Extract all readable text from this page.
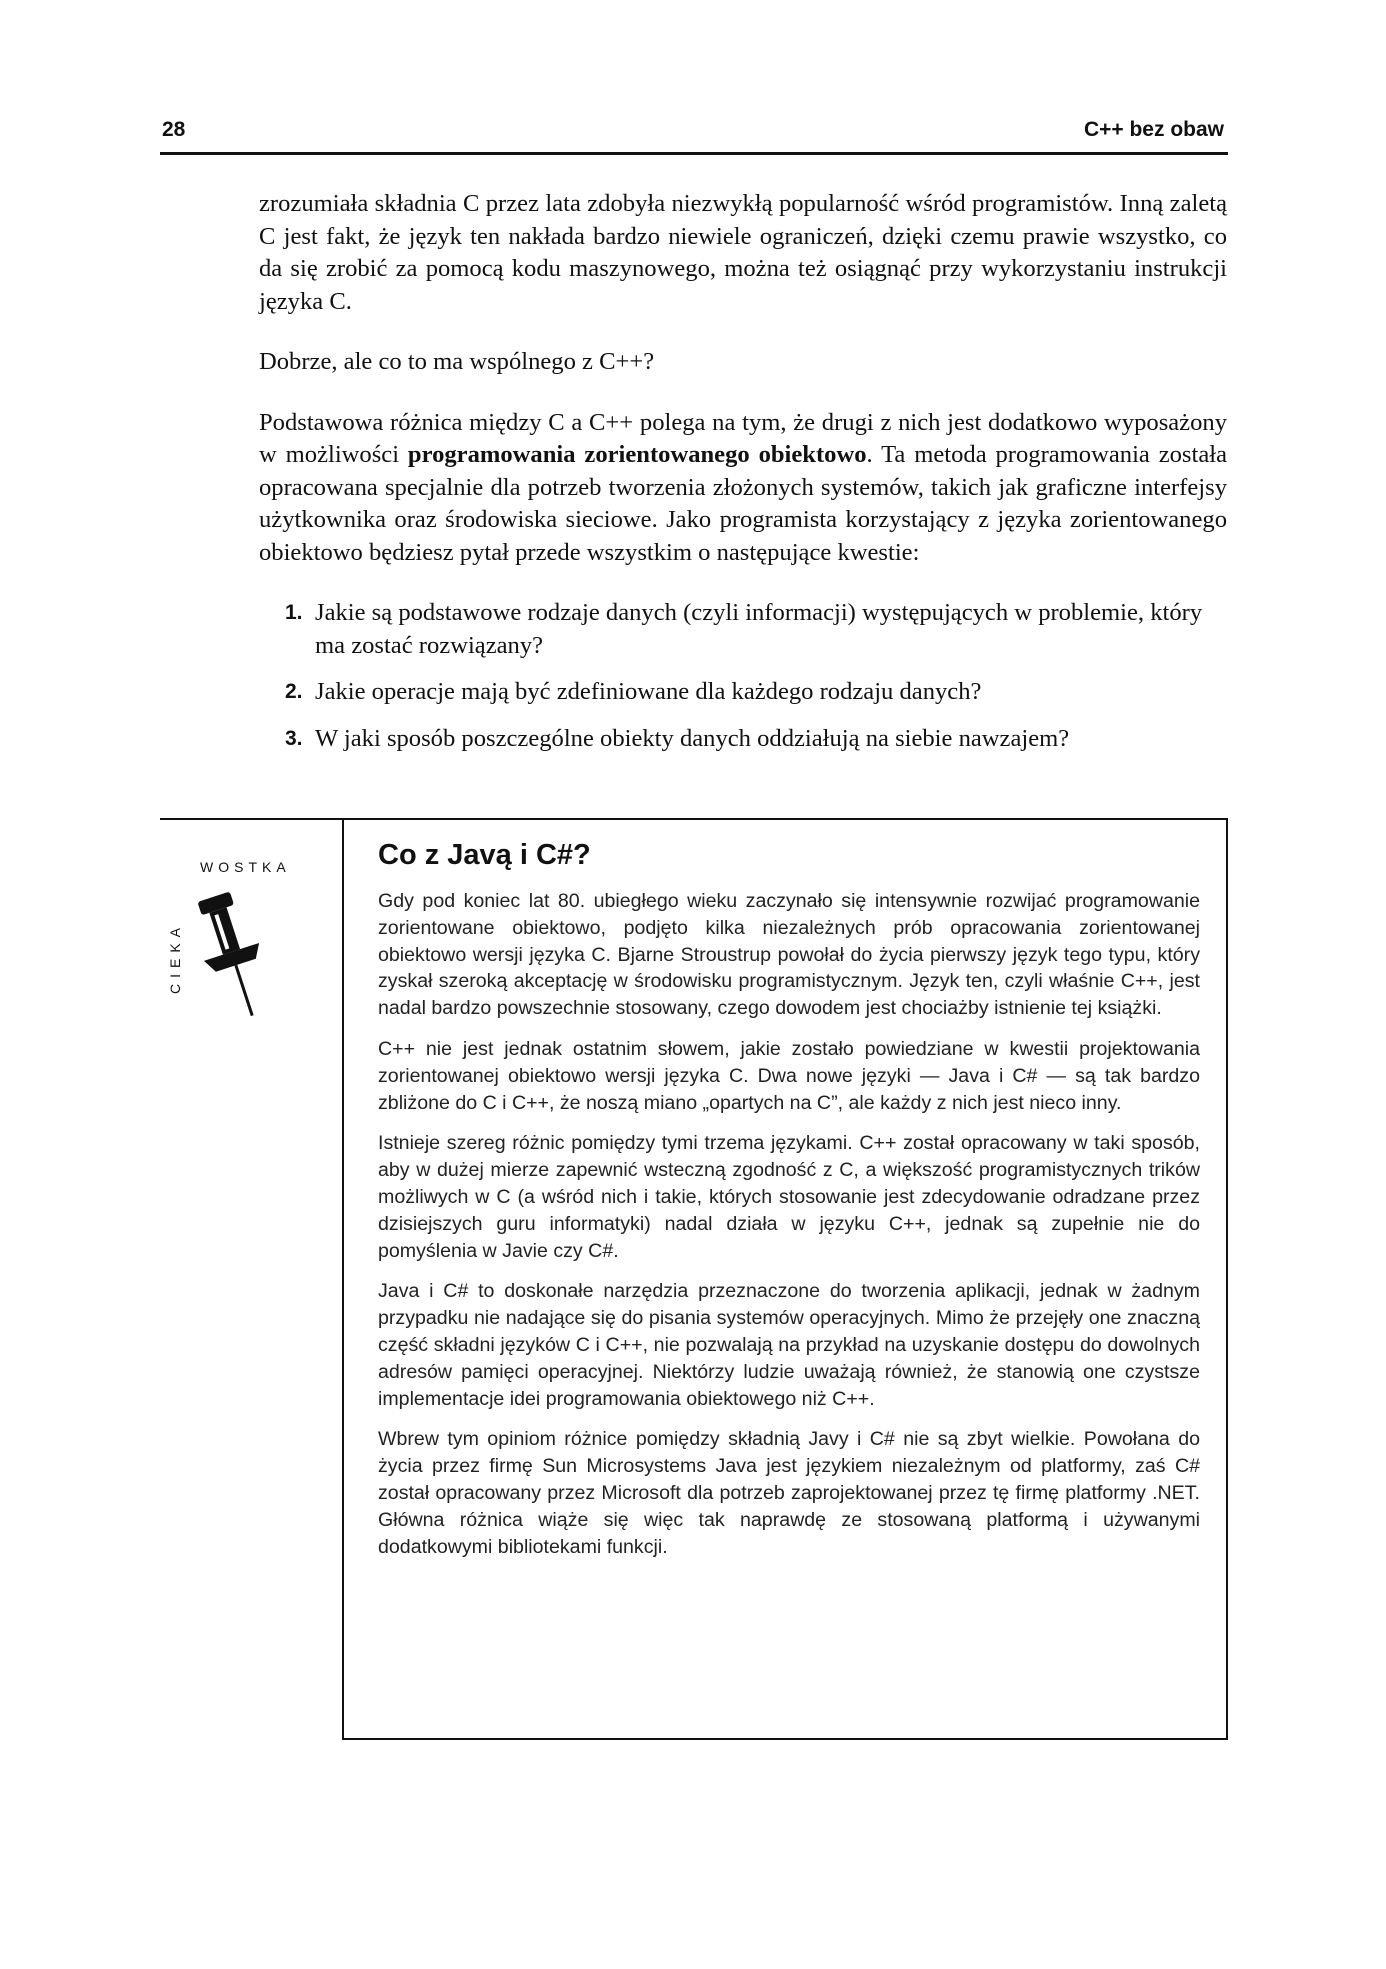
28	C++ bez obaw

zrozumiała składnia C przez lata zdobyła niezwykłą popularność wśród programistów. Inną zaletą C jest fakt, że język ten nakłada bardzo niewiele ograniczeń, dzięki czemu prawie wszystko, co da się zrobić za pomocą kodu maszynowego, można też osiągnąć przy wykorzystaniu instrukcji języka C.

Dobrze, ale co to ma wspólnego z C++?

Podstawowa różnica między C a C++ polega na tym, że drugi z nich jest dodatkowo wyposażony w możliwości programowania zorientowanego obiektowo. Ta metoda programowania została opracowana specjalnie dla potrzeb tworzenia złożonych systemów, takich jak graficzne interfejsy użytkownika oraz środowiska sieciowe. Jako programista korzystający z języka zorientowanego obiektowo będziesz pytał przede wszystkim o następujące kwestie:

1. Jakie są podstawowe rodzaje danych (czyli informacji) występujących w problemie, który ma zostać rozwiązany?
2. Jakie operacje mają być zdefiniowane dla każdego rodzaju danych?
3. W jaki sposób poszczególne obiekty danych oddziałują na siebie nawzajem?
CIEKA
WOSTKA	Co z Javą i C#?

Gdy pod koniec lat 80. ubiegłego wieku zaczynało się intensywnie rozwijać programowanie zorientowane obiektowo, podjęto kilka niezależnych prób opracowania zorientowanej obiektowo wersji języka C. Bjarne Stroustrup powołał do życia pierwszy język tego typu, który zyskał szeroką akceptację w środowisku programistycznym. Język ten, czyli właśnie C++, jest nadal bardzo powszechnie stosowany, czego dowodem jest chociażby istnienie tej książki.

C++ nie jest jednak ostatnim słowem, jakie zostało powiedziane w kwestii projektowania zorientowanej obiektowo wersji języka C. Dwa nowe języki — Java i C# — są tak bardzo zbliżone do C i C++, że noszą miano „opartych na C”, ale każdy z nich jest nieco inny.

Istnieje szereg różnic pomiędzy tymi trzema językami. C++ został opracowany w taki sposób, aby w dużej mierze zapewnić wsteczną zgodność z C, a większość programistycznych trików możliwych w C (a wśród nich i takie, których stosowanie jest zdecydowanie odradzane przez dzisiejszych guru informatyki) nadal działa w języku C++, jednak są zupełnie nie do pomyślenia w Javie czy C#.

Java i C# to doskonałe narzędzia przeznaczone do tworzenia aplikacji, jednak w żadnym przypadku nie nadające się do pisania systemów operacyjnych. Mimo że przejęły one znaczną część składni języków C i C++, nie pozwalają na przykład na uzyskanie dostępu do dowolnych adresów pamięci operacyjnej. Niektórzy ludzie uważają również, że stanowią one czystsze implementacje idei programowania obiektowego niż C++.

Wbrew tym opiniom różnice pomiędzy składnią Javy i C# nie są zbyt wielkie. Powołana do życia przez firmę Sun Microsystems Java jest językiem niezależnym od platformy, zaś C# został opracowany przez Microsoft dla potrzeb zaprojektowanej przez tę firmę platformy .NET. Główna różnica wiąże się więc tak naprawdę ze stosowaną platformą i używanymi dodatkowymi bibliotekami funkcji.
